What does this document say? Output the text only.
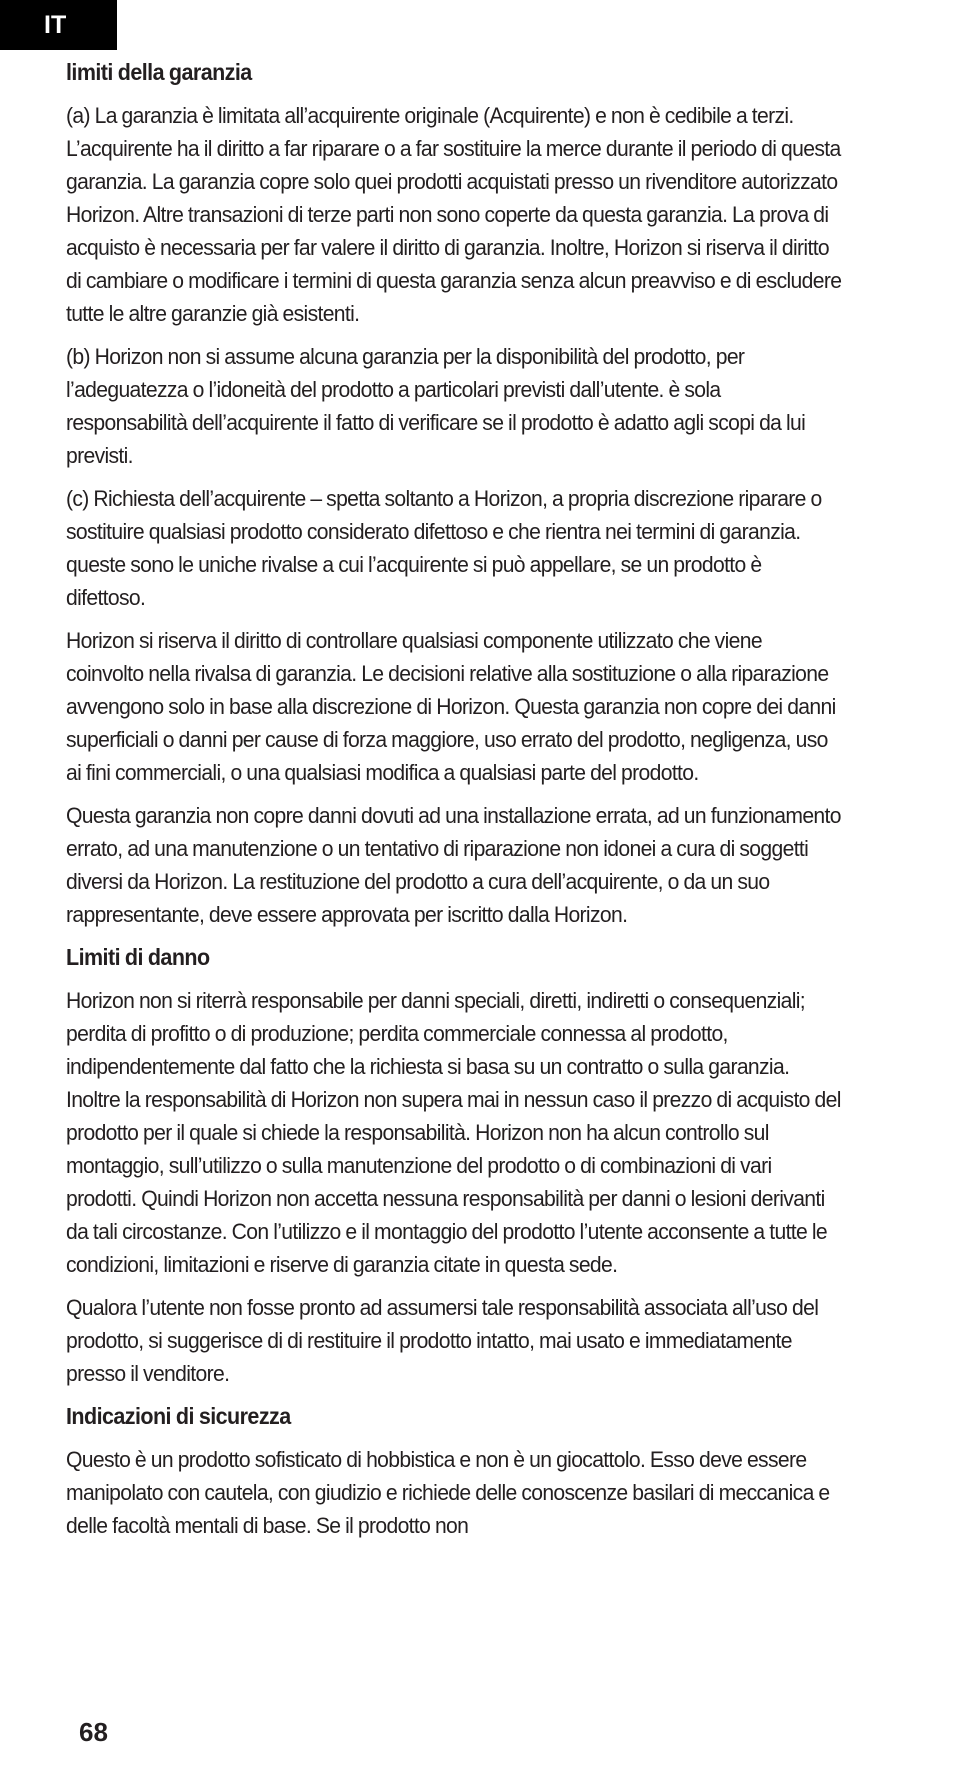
IT
limiti della garanzia

(a) La garanzia è limitata all’acquirente originale (Acquirente) e non è cedibile a terzi. L’acquirente ha il diritto a far riparare o a far sostituire la merce durante il periodo di questa garanzia. La garanzia copre solo quei prodotti acquistati presso un rivenditore autorizzato Horizon. Altre transazioni di terze parti non sono coperte da questa garanzia. La prova di acquisto è necessaria per far valere il diritto di garanzia. Inoltre, Horizon si riserva il diritto di cambiare o modificare i termini di questa garanzia senza alcun preavviso e di escludere tutte le altre garanzie già esistenti.

(b) Horizon non si assume alcuna garanzia per la disponibilità del prodotto, per l’adeguatezza o l’idoneità del prodotto a particolari previsti dall’utente. è sola responsabilità dell’acquirente il fatto di verificare se il prodotto è adatto agli scopi da lui previsti.

(c) Richiesta dell’acquirente – spetta soltanto a Horizon, a propria discrezione riparare o sostituire qualsiasi prodotto considerato difettoso e che rientra nei termini di garanzia. queste sono le uniche rivalse a cui l’acquirente si può appellare, se un prodotto è difettoso.

Horizon si riserva il diritto di controllare qualsiasi componente utilizzato che viene coinvolto nella rivalsa di garanzia. Le decisioni relative alla sostituzione o alla riparazione avvengono solo in base alla discrezione di Horizon. Questa garanzia non copre dei danni superficiali o danni per cause di forza maggiore, uso errato del prodotto, negligenza, uso ai fini commerciali, o una qualsiasi modifica a qualsiasi parte del prodotto.

Questa garanzia non copre danni dovuti ad una installazione errata, ad un funzionamento errato, ad una manutenzione o un tentativo di riparazione non idonei a cura di soggetti diversi da Horizon. La restituzione del prodotto a cura dell’acquirente, o da un suo rappresentante, deve essere approvata per iscritto dalla Horizon.

Limiti di danno

Horizon non si riterrà responsabile per danni speciali, diretti, indiretti o consequenziali; perdita di profitto o di produzione; perdita commerciale connessa al prodotto, indipendentemente dal fatto che la richiesta si basa su un contratto o sulla garanzia. Inoltre la responsabilità di Horizon non supera mai in nessun caso il prezzo di acquisto del prodotto per il quale si chiede la responsabilità. Horizon non ha alcun controllo sul montaggio, sull’utilizzo o sulla manutenzione del prodotto o di combinazioni di vari prodotti. Quindi Horizon non accetta nessuna responsabilità per danni o lesioni derivanti da tali circostanze. Con l’utilizzo e il montaggio del prodotto l’utente acconsente a tutte le condizioni, limitazioni e riserve di garanzia citate in questa sede.

Qualora l’utente non fosse pronto ad assumersi tale responsabilità associata all’uso del prodotto, si suggerisce di di restituire il prodotto intatto, mai usato e immediatamente presso il venditore.

Indicazioni di sicurezza

Questo è un prodotto sofisticato di hobbistica e non è un giocattolo. Esso deve essere manipolato con cautela, con giudizio e richiede delle conoscenze basilari di meccanica e delle facoltà mentali di base. Se il prodotto non

68
